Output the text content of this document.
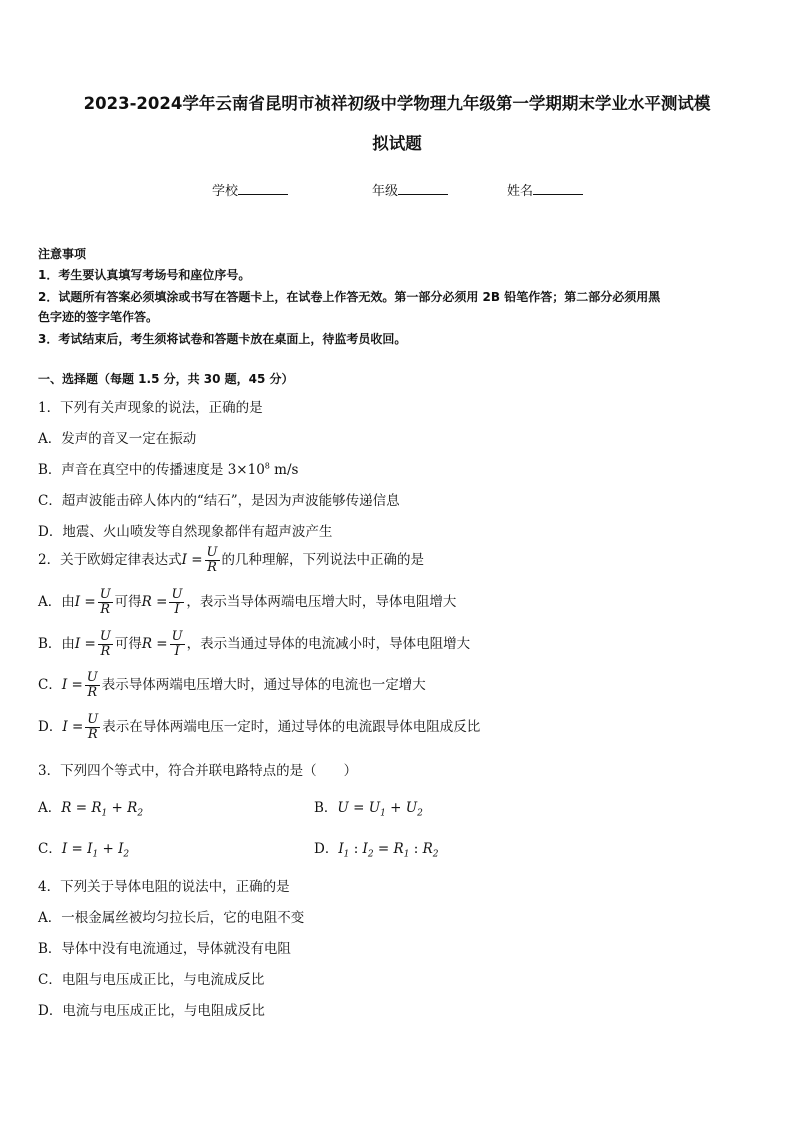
2023-2024学年云南省昆明市祯祥初级中学物理九年级第一学期期末学业水平测试模
拟试题
学校	年级	姓名
注意事项
1．考生要认真填写考场号和座位序号。
2．试题所有答案必须填涂或书写在答题卡上，在试卷上作答无效。第一部分必须用 2B 铅笔作答；第二部分必须用黑
色字迹的签字笔作答。
3．考试结束后，考生须将试卷和答题卡放在桌面上，待监考员收回。
一、选择题（每题 1.5 分，共 30 题，45 分）
1．下列有关声现象的说法，正确的是
A．发声的音叉一定在振动
B．声音在真空中的传播速度是 $3\times 10^8$ m/s
C．超声波能击碎人体内的“结石”，是因为声波能够传递信息
D．地震、火山喷发等自然现象都伴有超声波产生
2．关于欧姆定律表达式$I = \frac{U}{R}$ 的几种理解，下列说法中正确的是
A．由$I = \frac{U}{R}$ 可得$R = \frac{U}{I}$ ，表示当导体两端电压增大时，导体电阻增大
B．由$I = \frac{U}{R}$ 可得$R = \frac{U}{I}$ ，表示当通过导体的电流减小时，导体电阻增大
C．$I = \frac{U}{R}$ 表示导体两端电压增大时，通过导体的电流也一定增大
D．$I = \frac{U}{R}$ 表示在导体两端电压一定时，通过导体的电流跟导体电阻成反比
3．下列四个等式中，符合并联电路特点的是（　　）
A．$R = R_1 + R_2$	B．$U = U_1 + U_2$
C．$I = I_1 + I_2$	D．$I_1$ : $I_2 = R_1$ : $R_2$
4．下列关于导体电阻的说法中，正确的是
A．一根金属丝被均匀拉长后，它的电阻不变
B．导体中没有电流通过，导体就没有电阻
C．电阻与电压成正比，与电流成反比
D．电流与电压成正比，与电阻成反比
